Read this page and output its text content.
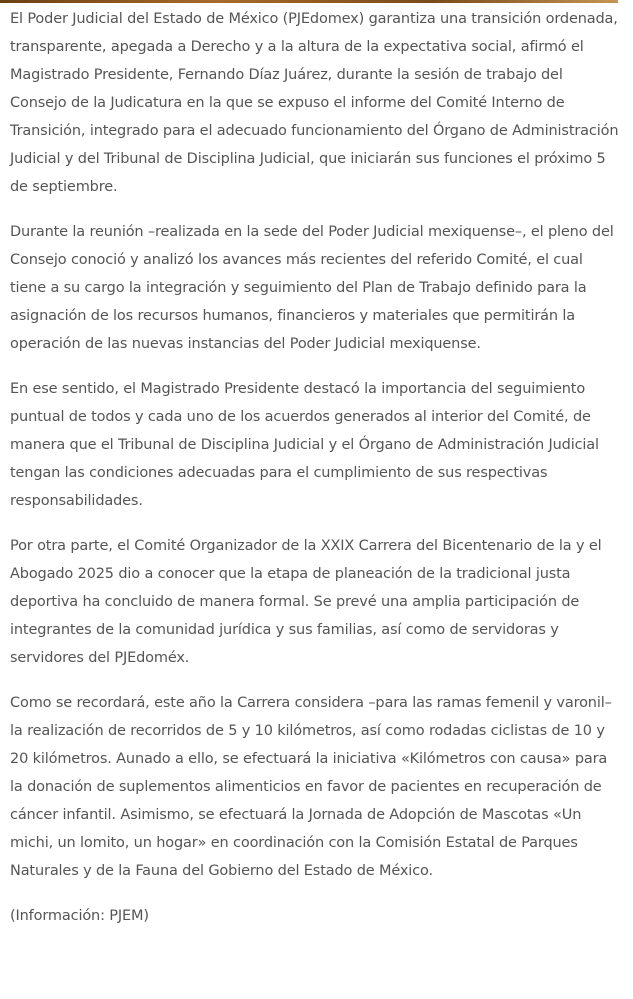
El Poder Judicial del Estado de México (PJEdomex) garantiza una transición ordenada, transparente, apegada a Derecho y a la altura de la expectativa social, afirmó el Magistrado Presidente, Fernando Díaz Juárez, durante la sesión de trabajo del Consejo de la Judicatura en la que se expuso el informe del Comité Interno de Transición, integrado para el adecuado funcionamiento del Órgano de Administración Judicial y del Tribunal de Disciplina Judicial, que iniciarán sus funciones el próximo 5 de septiembre.

Durante la reunión –realizada en la sede del Poder Judicial mexiquense–, el pleno del Consejo conoció y analizó los avances más recientes del referido Comité, el cual tiene a su cargo la integración y seguimiento del Plan de Trabajo definido para la asignación de los recursos humanos, financieros y materiales que permitirán la operación de las nuevas instancias del Poder Judicial mexiquense.

En ese sentido, el Magistrado Presidente destacó la importancia del seguimiento puntual de todos y cada uno de los acuerdos generados al interior del Comité, de manera que el Tribunal de Disciplina Judicial y el Órgano de Administración Judicial tengan las condiciones adecuadas para el cumplimiento de sus respectivas responsabilidades.

Por otra parte, el Comité Organizador de la XXIX Carrera del Bicentenario de la y el Abogado 2025 dio a conocer que la etapa de planeación de la tradicional justa deportiva ha concluido de manera formal. Se prevé una amplia participación de integrantes de la comunidad jurídica y sus familias, así como de servidoras y servidores del PJEdoméx.

Como se recordará, este año la Carrera considera –para las ramas femenil y varonil– la realización de recorridos de 5 y 10 kilómetros, así como rodadas ciclistas de 10 y 20 kilómetros. Aunado a ello, se efectuará la iniciativa «Kilómetros con causa» para la donación de suplementos alimenticios en favor de pacientes en recuperación de cáncer infantil. Asimismo, se efectuará la Jornada de Adopción de Mascotas «Un michi, un lomito, un hogar» en coordinación con la Comisión Estatal de Parques Naturales y de la Fauna del Gobierno del Estado de México.

(Información: PJEM)
